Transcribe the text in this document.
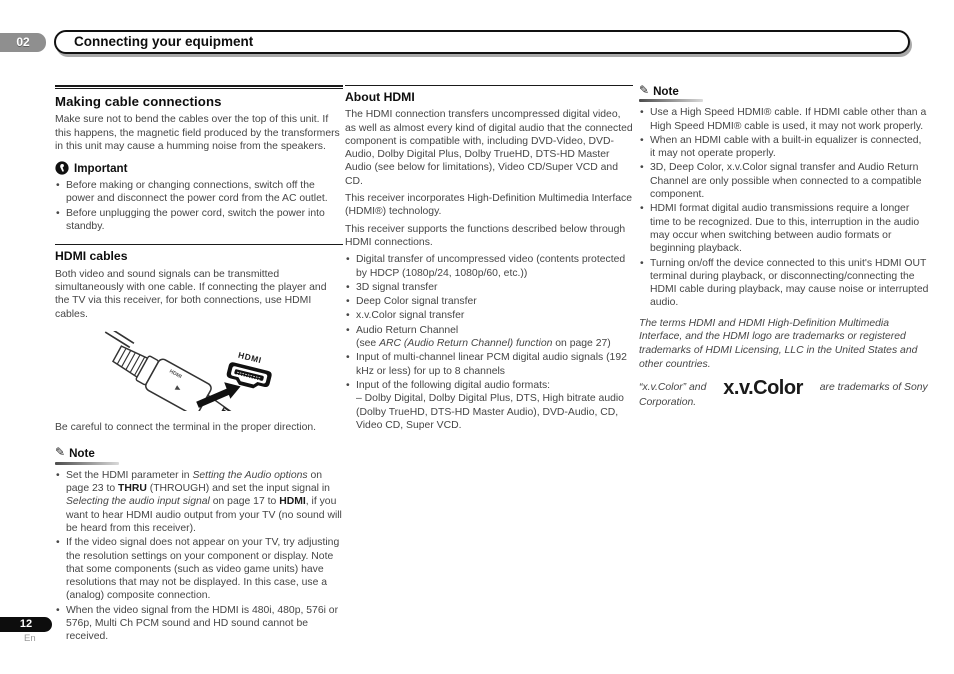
02	Connecting your equipment
Making cable connections

Make sure not to bend the cables over the top of this unit. If this happens, the magnetic field produced by the transformers in this unit may cause a humming noise from the speakers.

Important
• Before making or changing connections, switch off the power and disconnect the power cord from the AC outlet.
• Before unplugging the power cord, switch the power into standby.
HDMI cables

Both video and sound signals can be transmitted simultaneously with one cable. If connecting the player and the TV via this receiver, for both connections, use HDMI cables.

HDMI
HDMI

Be careful to connect the terminal in the proper direction.

✎ Note
• Set the HDMI parameter in Setting the Audio options on page 23 to THRU (THROUGH) and set the input signal in Selecting the audio input signal on page 17 to HDMI, if you want to hear HDMI audio output from your TV (no sound will be heard from this receiver).
• If the video signal does not appear on your TV, try adjusting the resolution settings on your component or display. Note that some components (such as video game units) have resolutions that may not be displayed. In this case, use a (analog) composite connection.
• When the video signal from the HDMI is 480i, 480p, 576i or 576p, Multi Ch PCM sound and HD sound cannot be received.
About HDMI

The HDMI connection transfers uncompressed digital video, as well as almost every kind of digital audio that the connected component is compatible with, including DVD-Video, DVD-Audio, Dolby Digital Plus, Dolby TrueHD, DTS-HD Master Audio (see below for limitations), Video CD/Super VCD and CD.

This receiver incorporates High-Definition Multimedia Interface (HDMI®) technology.

This receiver supports the functions described below through HDMI connections.

• Digital transfer of uncompressed video (contents protected by HDCP (1080p/24, 1080p/60, etc.))
• 3D signal transfer
• Deep Color signal transfer
• x.v.Color signal transfer
• Audio Return Channel
(see ARC (Audio Return Channel) function on page 27)
• Input of multi-channel linear PCM digital audio signals (192 kHz or less) for up to 8 channels
• Input of the following digital audio formats:
– Dolby Digital, Dolby Digital Plus, DTS, High bitrate audio (Dolby TrueHD, DTS-HD Master Audio), DVD-Audio, CD, Video CD, Super VCD.
✎ Note
• Use a High Speed HDMI® cable. If HDMI cable other than a High Speed HDMI® cable is used, it may not work properly.
• When an HDMI cable with a built-in equalizer is connected, it may not operate properly.
• 3D, Deep Color, x.v.Color signal transfer and Audio Return Channel are only possible when connected to a compatible component.
• HDMI format digital audio transmissions require a longer time to be recognized. Due to this, interruption in the audio may occur when switching between audio formats or beginning playback.
• Turning on/off the device connected to this unit's HDMI OUT terminal during playback, or disconnecting/connecting the HDMI cable during playback, may cause noise or interrupted audio.

The terms HDMI and HDMI High-Definition Multimedia Interface, and the HDMI logo are trademarks or registered trademarks of HDMI Licensing, LLC in the United States and other countries.

“x.v.Color” and x.v.Color are trademarks of Sony Corporation.

12
En
